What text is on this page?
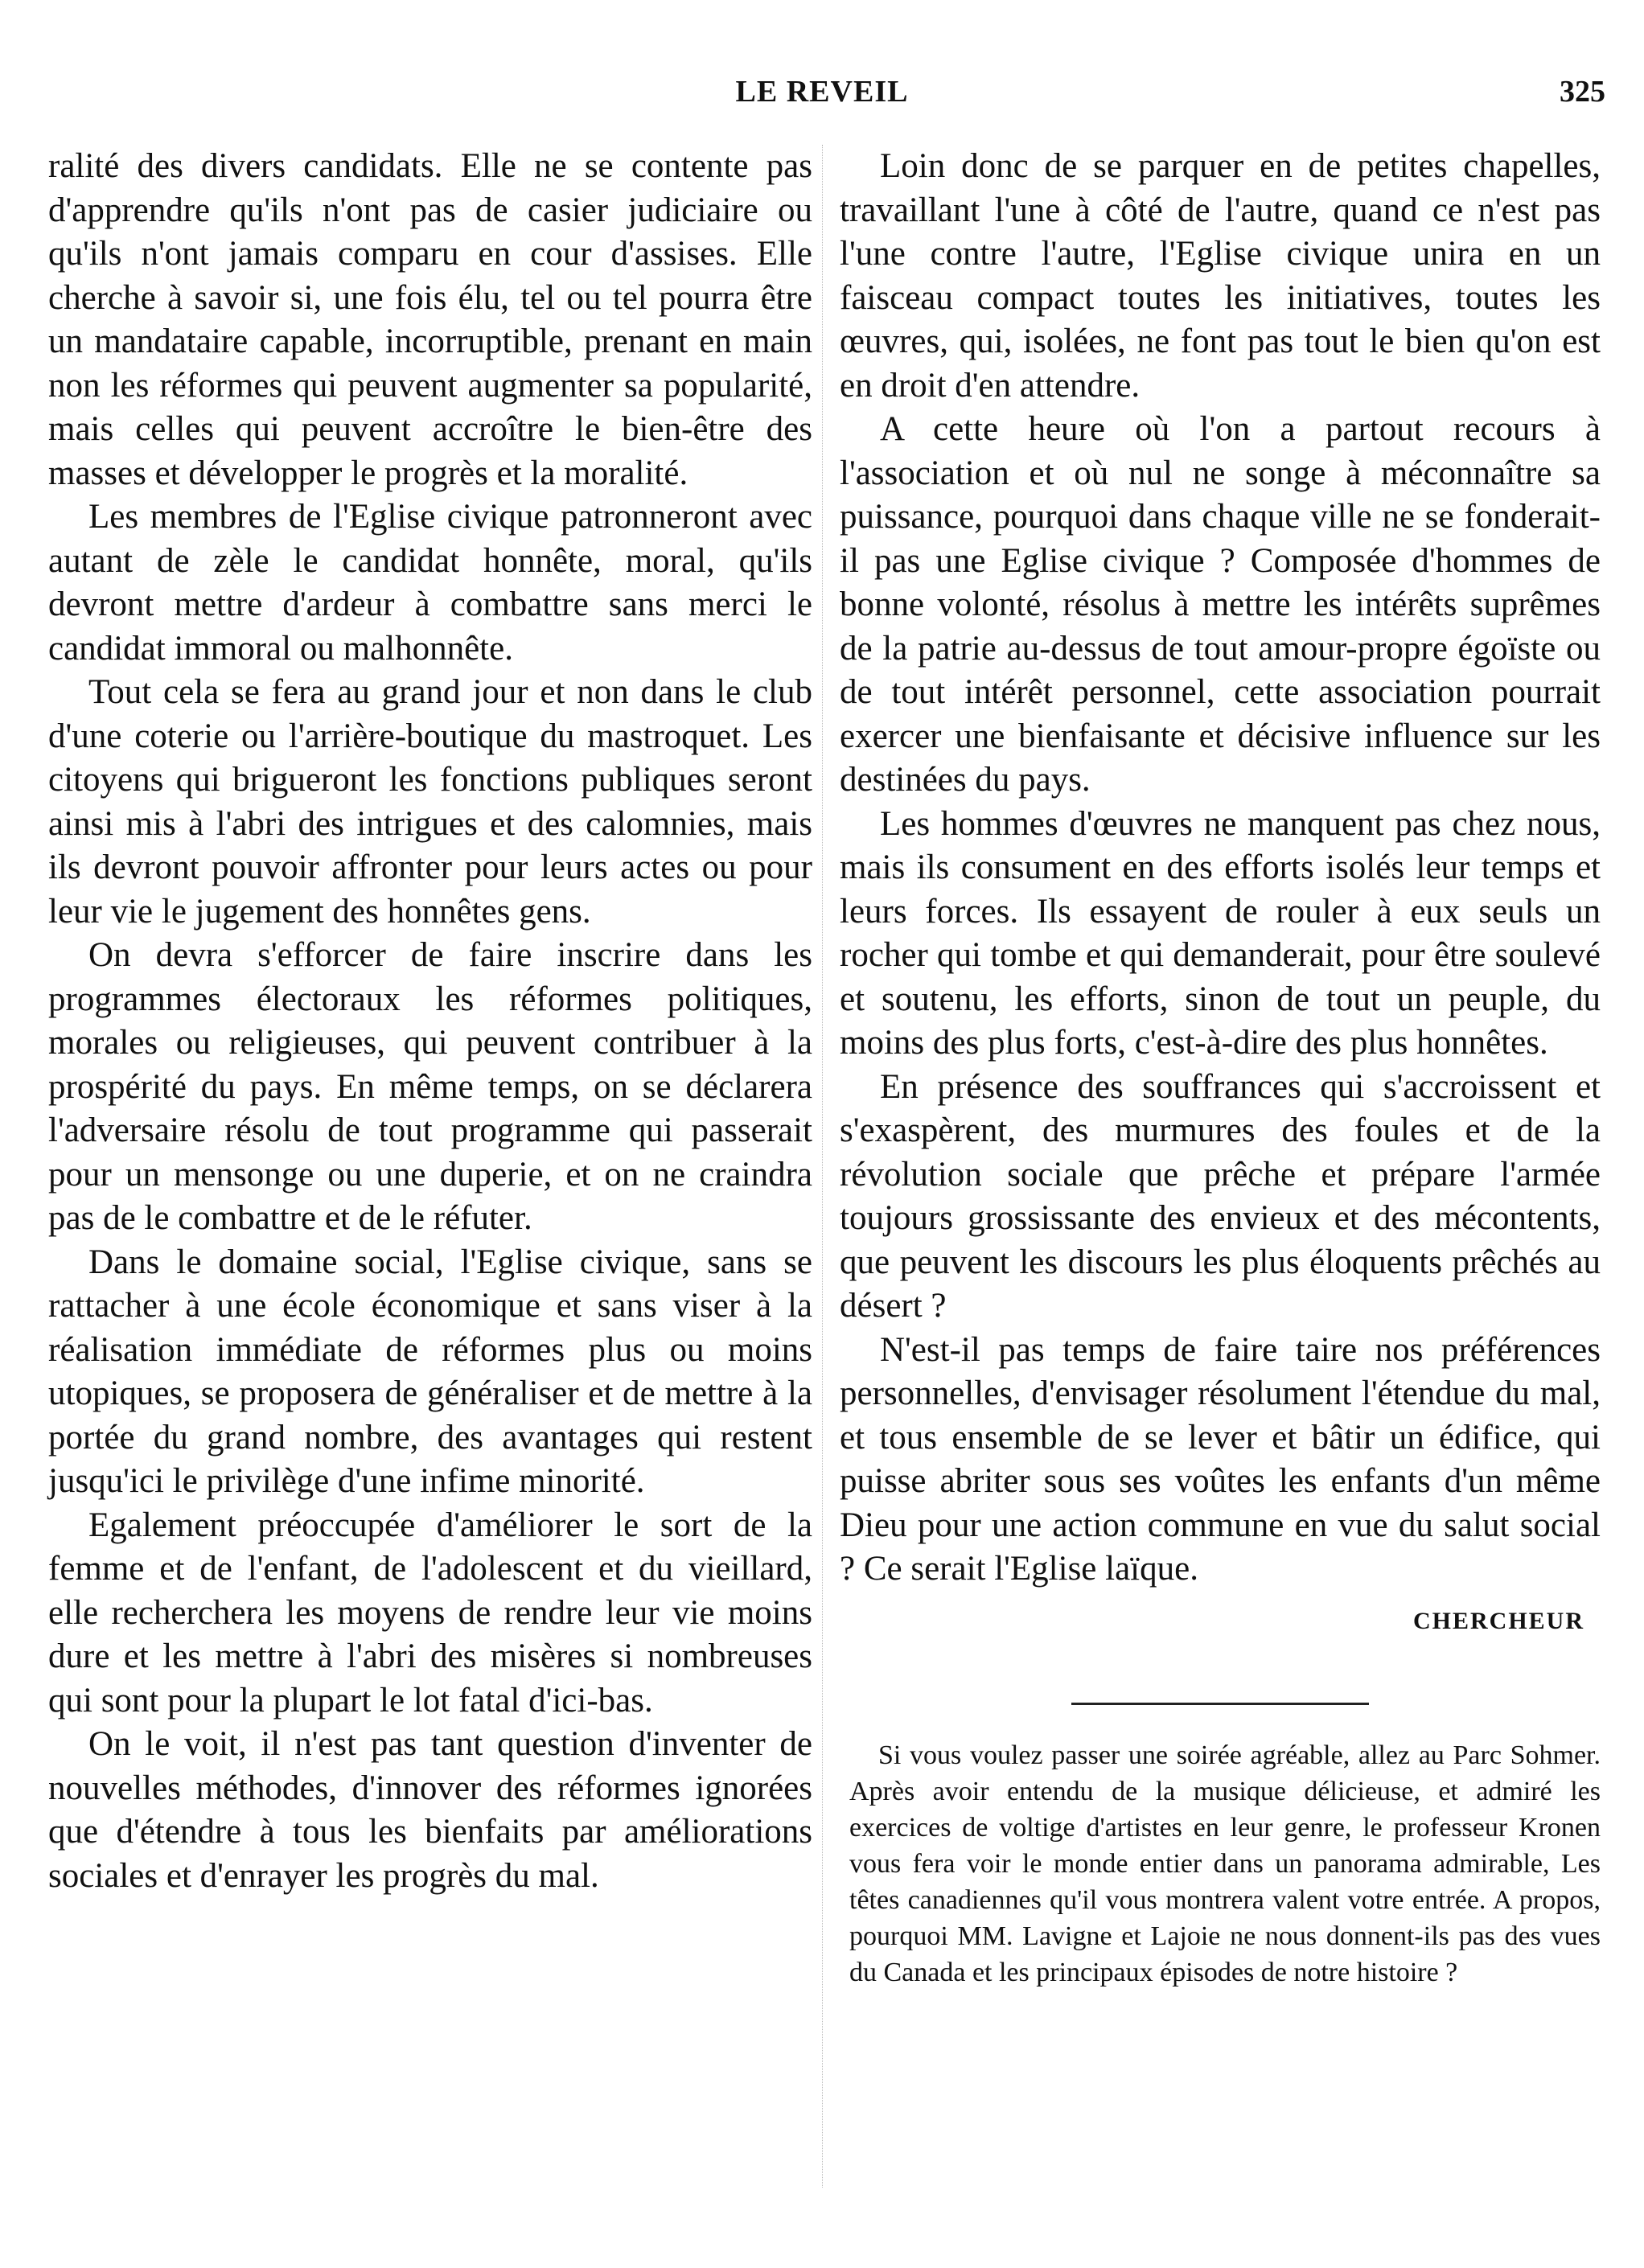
LE REVEIL	325

ralité des divers candidats. Elle ne se contente pas d'apprendre qu'ils n'ont pas de casier judiciaire ou qu'ils n'ont jamais comparu en cour d'assises. Elle cherche à savoir si, une fois élu, tel ou tel pourra être un mandataire capable, incorruptible, prenant en main non les réformes qui peuvent augmenter sa popularité, mais celles qui peuvent accroître le bien-être des masses et développer le progrès et la moralité.

Les membres de l'Eglise civique patronneront avec autant de zèle le candidat honnête, moral, qu'ils devront mettre d'ardeur à combattre sans merci le candidat immoral ou malhonnête.

Tout cela se fera au grand jour et non dans le club d'une coterie ou l'arrière-boutique du mastroquet. Les citoyens qui brigueront les fonctions publiques seront ainsi mis à l'abri des intrigues et des calomnies, mais ils devront pouvoir affronter pour leurs actes ou pour leur vie le jugement des honnêtes gens.

On devra s'efforcer de faire inscrire dans les programmes électoraux les réformes politiques, morales ou religieuses, qui peuvent contribuer à la prospérité du pays. En même temps, on se déclarera l'adversaire résolu de tout programme qui passerait pour un mensonge ou une duperie, et on ne craindra pas de le combattre et de le réfuter.

Dans le domaine social, l'Eglise civique, sans se rattacher à une école économique et sans viser à la réalisation immédiate de réformes plus ou moins utopiques, se proposera de généraliser et de mettre à la portée du grand nombre, des avantages qui restent jusqu'ici le privilège d'une infime minorité.

Egalement préoccupée d'améliorer le sort de la femme et de l'enfant, de l'adolescent et du vieillard, elle recherchera les moyens de rendre leur vie moins dure et les mettre à l'abri des misères si nombreuses qui sont pour la plupart le lot fatal d'ici-bas.

On le voit, il n'est pas tant question d'inventer de nouvelles méthodes, d'innover des réformes ignorées que d'étendre à tous les bienfaits par améliorations sociales et d'enrayer les progrès du mal.

Loin donc de se parquer en de petites chapelles, travaillant l'une à côté de l'autre, quand ce n'est pas l'une contre l'autre, l'Eglise civique unira en un faisceau compact toutes les initiatives, toutes les œuvres, qui, isolées, ne font pas tout le bien qu'on est en droit d'en attendre.

A cette heure où l'on a partout recours à l'association et où nul ne songe à méconnaître sa puissance, pourquoi dans chaque ville ne se fonderait-il pas une Eglise civique ? Composée d'hommes de bonne volonté, résolus à mettre les intérêts suprêmes de la patrie au-dessus de tout amour-propre égoïste ou de tout intérêt personnel, cette association pourrait exercer une bienfaisante et décisive influence sur les destinées du pays.

Les hommes d'œuvres ne manquent pas chez nous, mais ils consument en des efforts isolés leur temps et leurs forces. Ils essayent de rouler à eux seuls un rocher qui tombe et qui demanderait, pour être soulevé et soutenu, les efforts, sinon de tout un peuple, du moins des plus forts, c'est-à-dire des plus honnêtes.

En présence des souffrances qui s'accroissent et s'exaspèrent, des murmures des foules et de la révolution sociale que prêche et prépare l'armée toujours grossissante des envieux et des mécontents, que peuvent les discours les plus éloquents prêchés au désert ?

N'est-il pas temps de faire taire nos préférences personnelles, d'envisager résolument l'étendue du mal, et tous ensemble de se lever et bâtir un édifice, qui puisse abriter sous ses voûtes les enfants d'un même Dieu pour une action commune en vue du salut social ? Ce serait l'Eglise laïque.

CHERCHEUR

Si vous voulez passer une soirée agréable, allez au Parc Sohmer. Après avoir entendu de la musique délicieuse, et admiré les exercices de voltige d'artistes en leur genre, le professeur Kronen vous fera voir le monde entier dans un panorama admirable, Les têtes canadiennes qu'il vous montrera valent votre entrée. A propos, pourquoi MM. Lavigne et Lajoie ne nous donnent-ils pas des vues du Canada et les principaux épisodes de notre histoire ?
